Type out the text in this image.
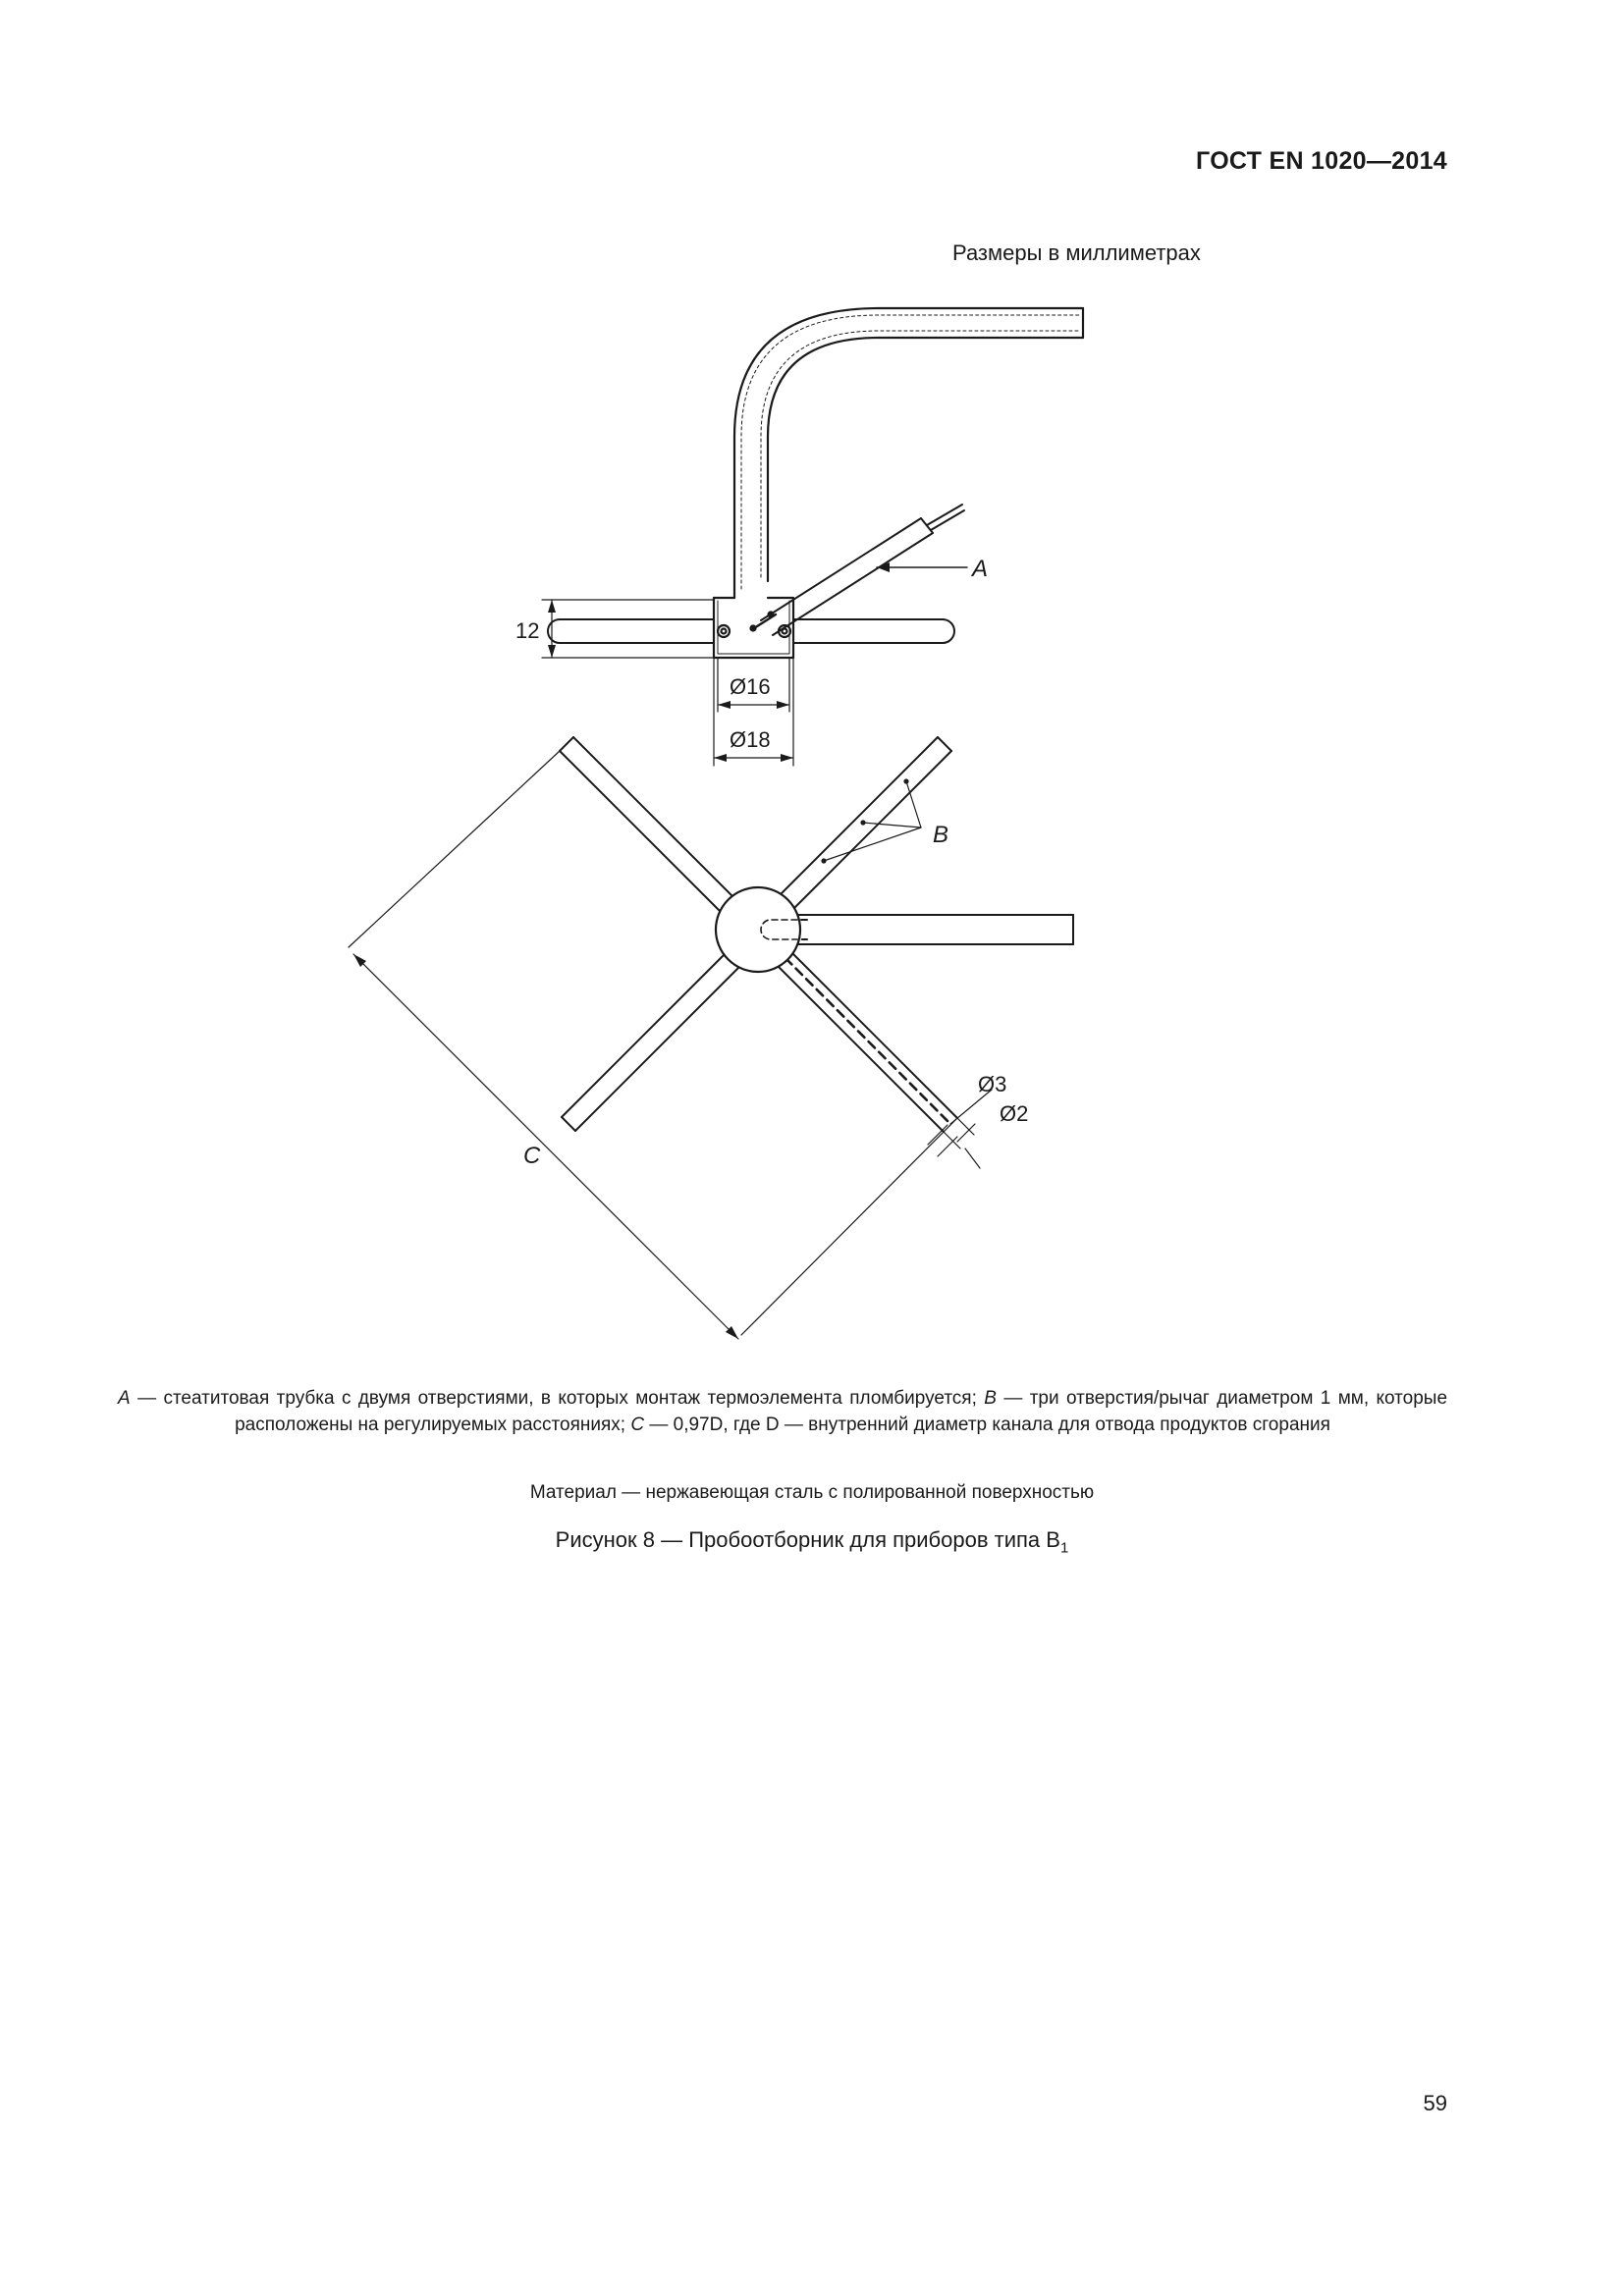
ГОСТ EN 1020—2014
Размеры в миллиметрах
A
B
C
12
Ø16
Ø18
Ø3
Ø2
A — стеатитовая трубка с двумя отверстиями, в которых монтаж термоэлемента пломбируется; B — три отверстия/рычаг диаметром 1 мм, которые расположены на регулируемых расстояниях; C — 0,97D, где D — внутренний диаметр канала для отвода продуктов сгорания
Материал — нержавеющая сталь с полированной поверхностью
Рисунок 8 — Пробоотборник для приборов типа $B_1$
59
